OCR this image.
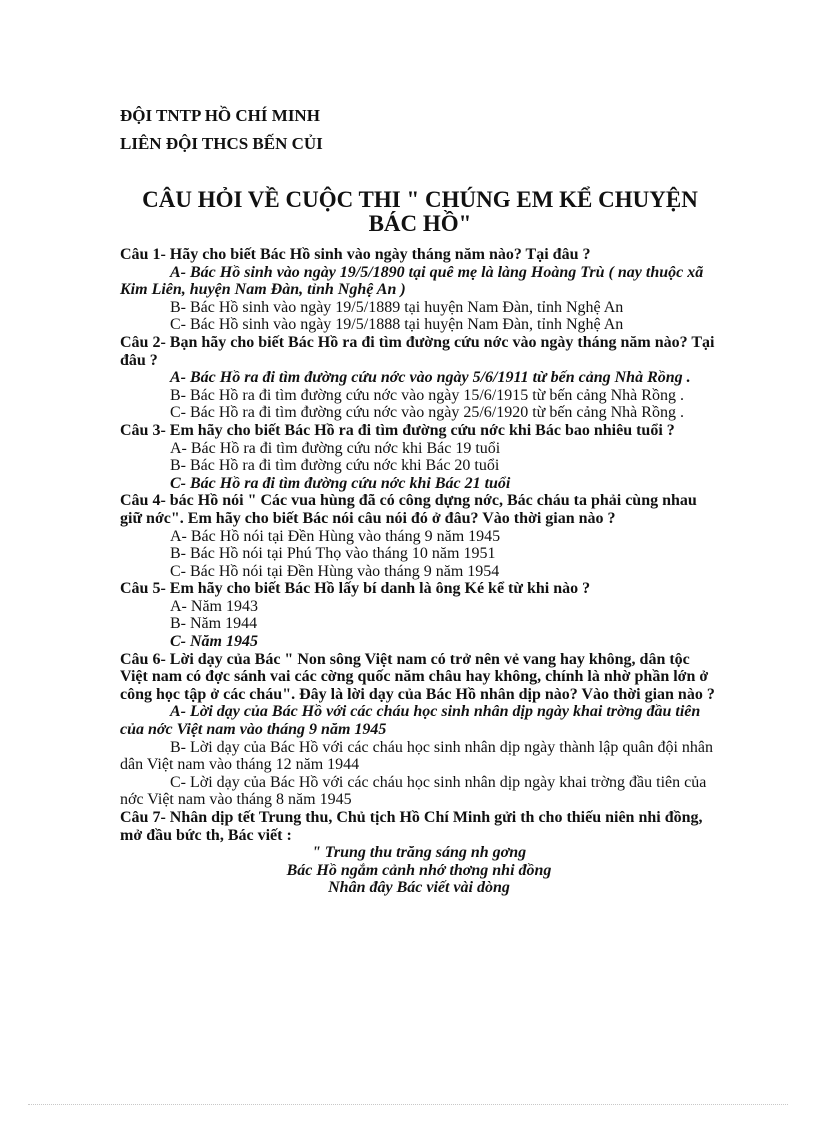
ĐỘI TNTP HỒ CHÍ MINH
LIÊN ĐỘI THCS BẾN CỦI
CÂU HỎI VỀ CUỘC THI " CHÚNG EM KỂ CHUYỆN BÁC HỒ"

Câu 1- Hãy cho biết Bác Hồ sinh vào ngày tháng năm nào? Tại đâu ?

A- Bác Hồ sinh vào ngày 19/5/1890 tại quê mẹ là làng Hoàng Trù ( nay thuộc xã Kim Liên, huyện Nam Đàn, tỉnh Nghệ An )

B- Bác Hồ sinh vào ngày 19/5/1889 tại huyện Nam Đàn, tỉnh Nghệ An

C- Bác Hồ sinh vào ngày 19/5/1888 tại huyện Nam Đàn, tỉnh Nghệ An

Câu 2- Bạn hãy cho biết Bác Hồ ra đi tìm đường cứu nớc vào ngày tháng năm nào? Tại đâu ?

A- Bác Hồ ra đi tìm đường cứu nớc vào ngày 5/6/1911 từ bến cảng Nhà Rồng .

B- Bác Hồ ra đi tìm đường cứu nớc vào ngày 15/6/1915 từ bến cảng Nhà Rồng .

C- Bác Hồ ra đi tìm đường cứu nớc vào ngày 25/6/1920 từ bến cảng Nhà Rồng .

Câu 3- Em hãy cho biết Bác Hồ ra đi tìm đường cứu nớc khi Bác bao nhiêu tuổi ?

A- Bác Hồ ra đi tìm đường cứu nớc khi Bác 19 tuổi

B- Bác Hồ ra đi tìm đường cứu nớc khi Bác 20 tuổi

C- Bác Hồ ra đi tìm đường cứu nớc khi Bác 21 tuổi

Câu 4- bác Hồ nói " Các vua hùng đã có công dựng nớc, Bác cháu ta phải cùng nhau giữ nớc". Em hãy cho biết Bác nói câu nói đó ở đâu? Vào thời gian nào ?

A- Bác Hồ nói tại Đền Hùng vào tháng 9 năm 1945

B- Bác Hồ nói tại Phú Thọ vào tháng 10 năm 1951

C- Bác Hồ nói tại Đền Hùng vào tháng 9 năm 1954

Câu 5- Em hãy cho biết Bác Hồ lấy bí danh là ông Ké kể từ khi nào ?

A- Năm 1943

B- Năm 1944

C- Năm 1945

Câu 6- Lời dạy của Bác " Non sông Việt nam có trở nên vẻ vang hay không, dân tộc Việt nam có đợc sánh vai các cờng quốc năm châu hay không, chính là nhờ phần lớn ở công học tập ở các cháu". Đây là lời dạy của Bác Hồ nhân dịp nào? Vào thời gian nào ?

A- Lời dạy của Bác Hồ với các cháu học sinh nhân dịp ngày khai trờng đầu tiên của nớc Việt nam vào tháng 9 năm 1945

B- Lời dạy của Bác Hồ với các cháu học sinh nhân dịp ngày thành lập quân đội nhân dân Việt nam vào tháng 12 năm 1944

C- Lời dạy của Bác Hồ với các cháu học sinh nhân dịp ngày khai trờng đầu tiên của nớc Việt nam vào tháng 8 năm 1945

Câu 7- Nhân dịp tết Trung thu, Chủ tịch Hồ Chí Minh gửi th cho thiếu niên nhi đồng, mở đầu bức th, Bác viết :

" Trung thu trăng sáng nh gơng

Bác Hồ ngắm cảnh nhớ thơng nhi đồng

Nhân đây Bác viết vài dòng
